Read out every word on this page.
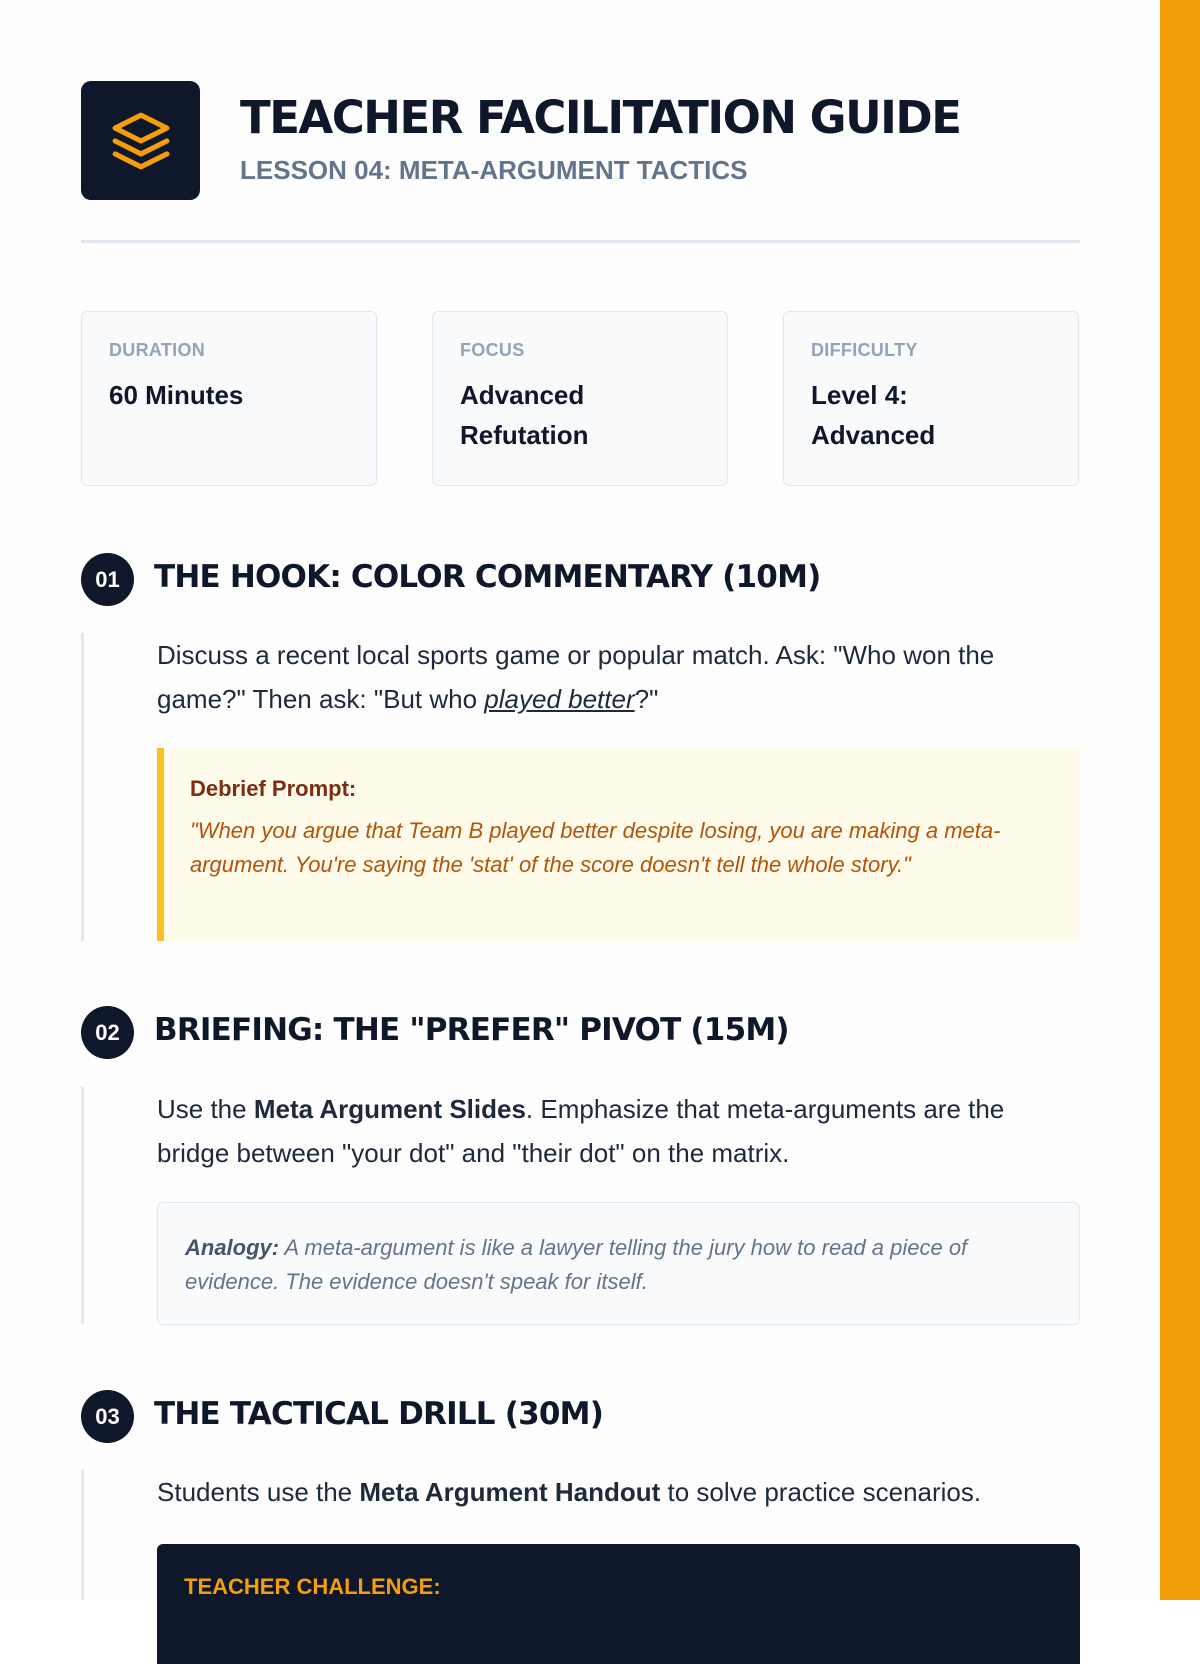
TEACHER FACILITATION GUIDE
LESSON 04: META-ARGUMENT TACTICS
DURATION
60 Minutes
FOCUS
Advanced Refutation
DIFFICULTY
Level 4: Advanced
01	THE HOOK: COLOR COMMENTARY (10M)

Discuss a recent local sports game or popular match. Ask: "Who won the game?" Then ask: "But who played better?"

Debrief Prompt:
"When you argue that Team B played better despite losing, you are making a meta-argument. You're saying the 'stat' of the score doesn't tell the whole story."
02	BRIEFING: THE "PREFER" PIVOT (15M)

Use the Meta Argument Slides. Emphasize that meta-arguments are the bridge between "your dot" and "their dot" on the matrix.

Analogy: A meta-argument is like a lawyer telling the jury how to read a piece of evidence. The evidence doesn't speak for itself.
03	THE TACTICAL DRILL (30M)

Students use the Meta Argument Handout to solve practice scenarios.

TEACHER CHALLENGE:
